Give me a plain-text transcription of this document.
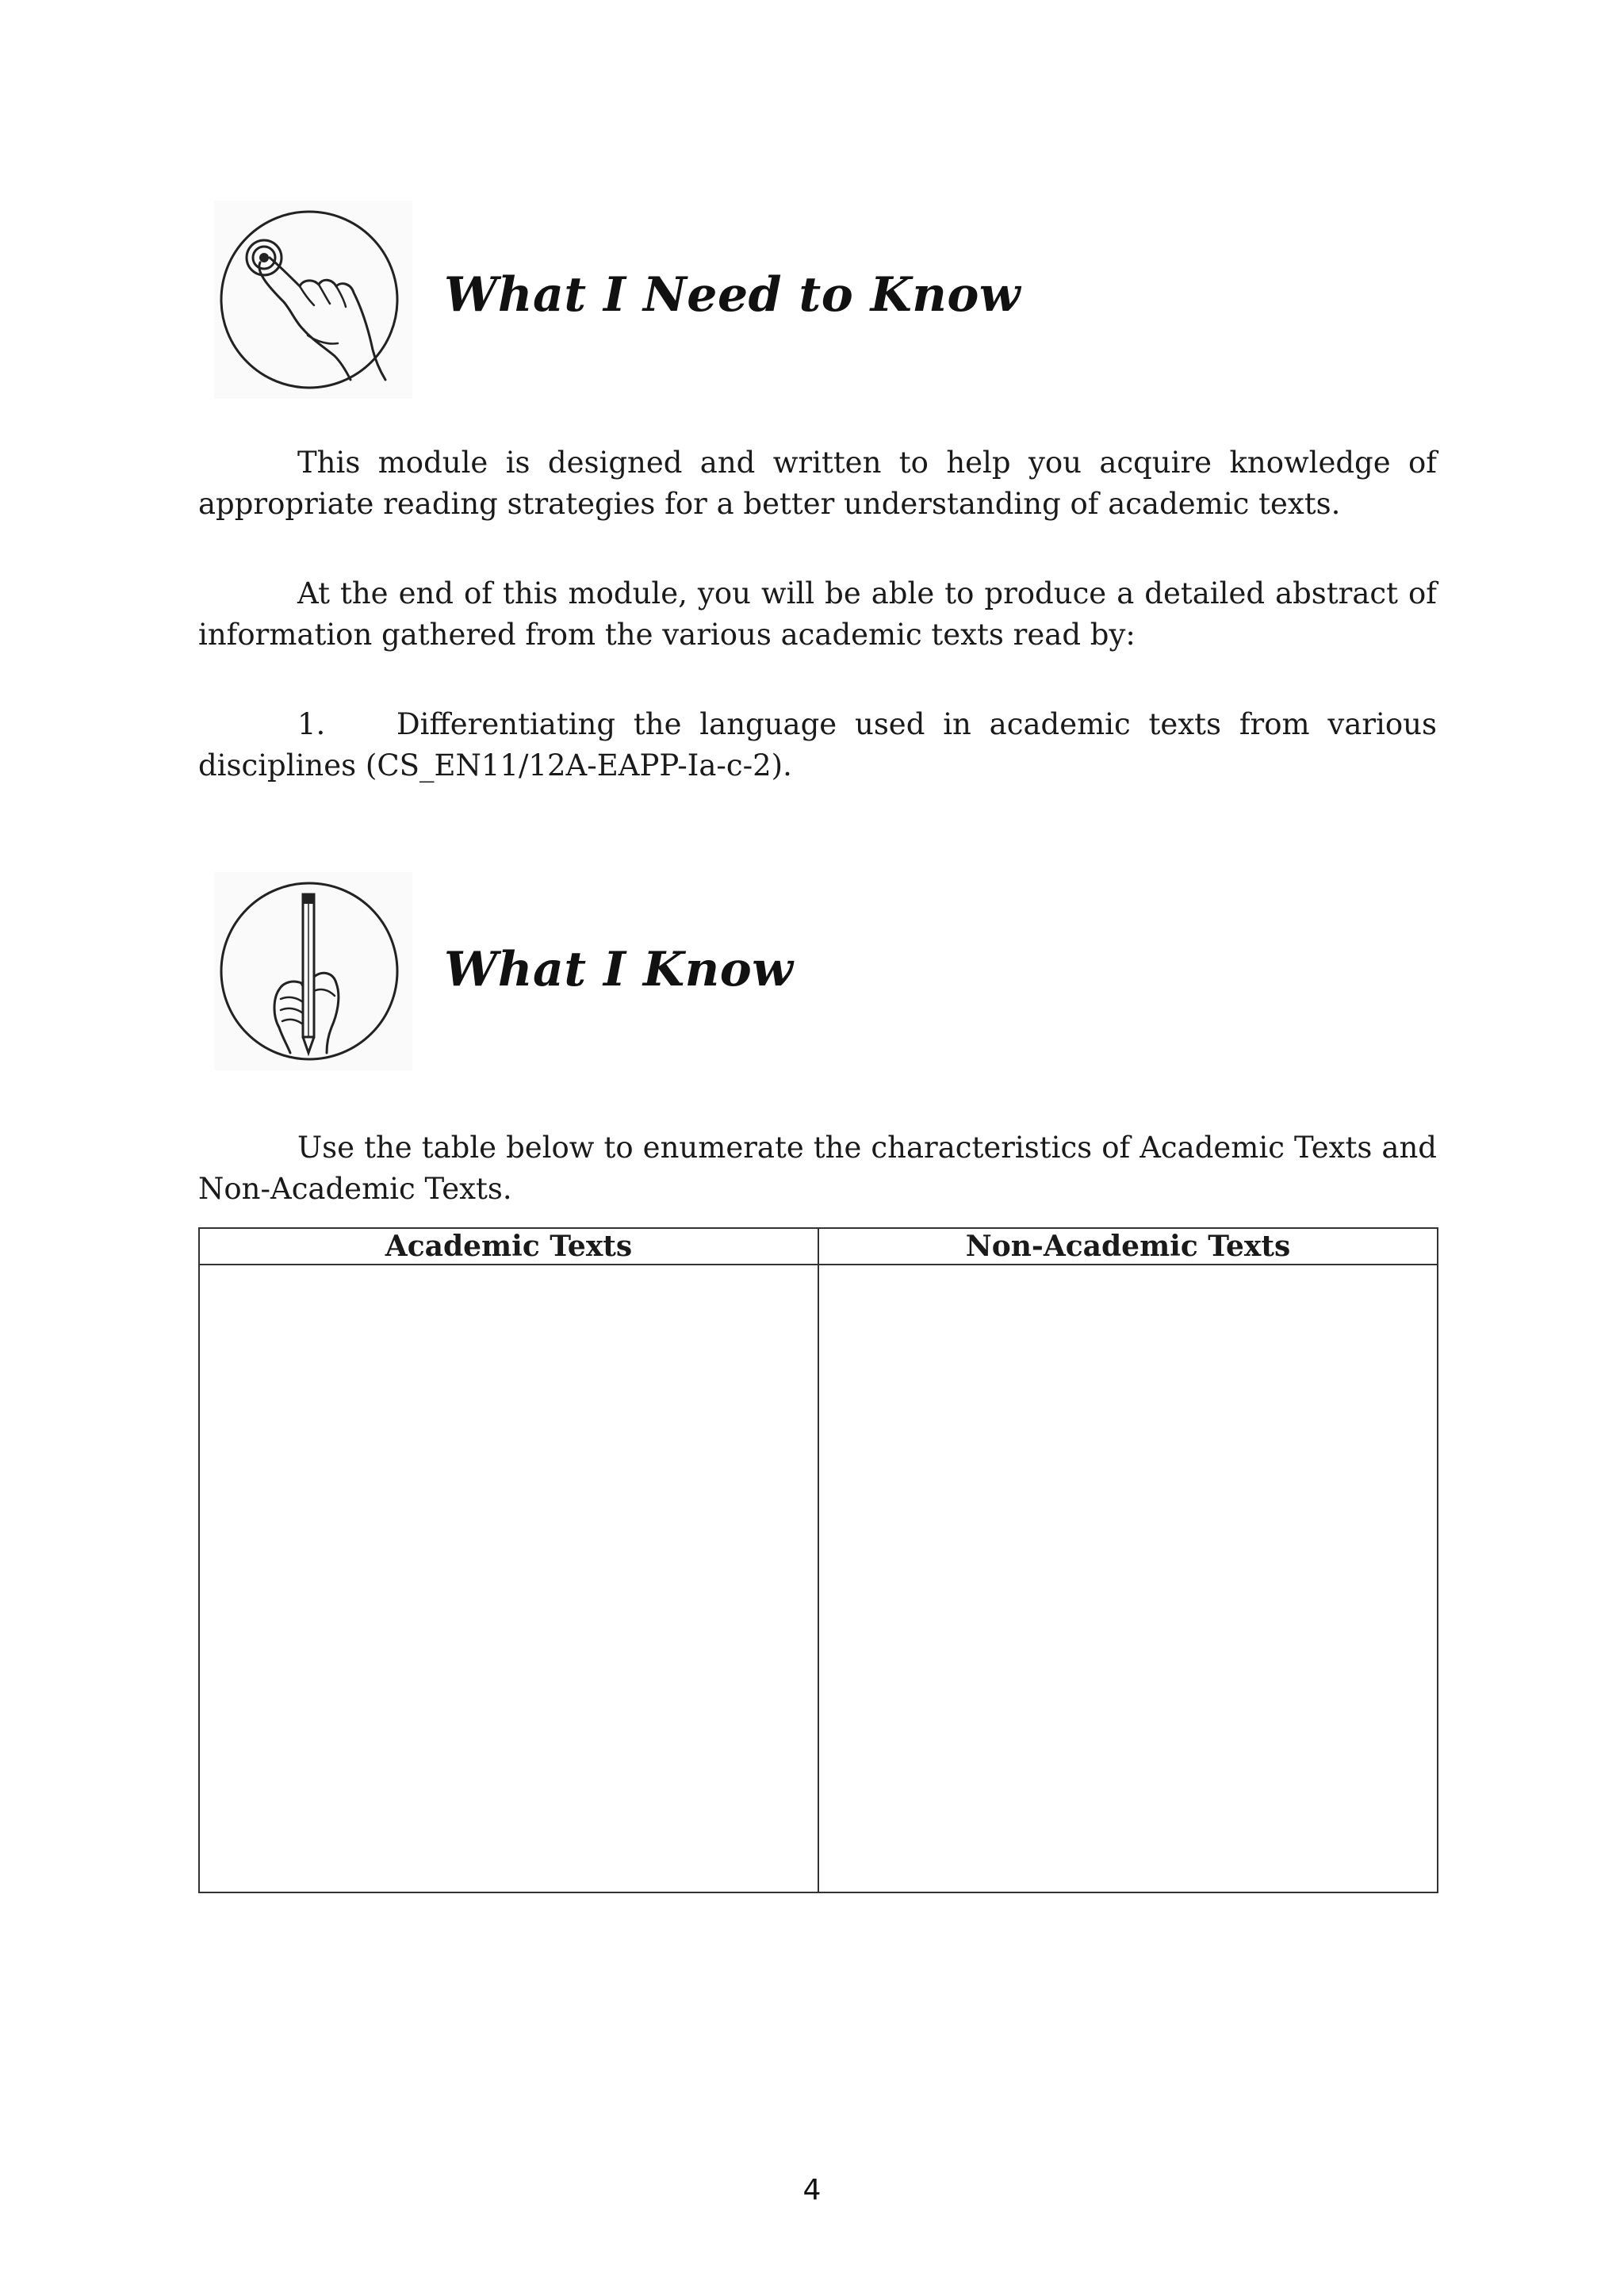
What I Need to Know
This module is designed and written to help you acquire knowledge of appropriate reading strategies for a better understanding of academic texts.
At the end of this module, you will be able to produce a detailed abstract of information gathered from the various academic texts read by:
1. Differentiating the language used in academic texts from various disciplines (CS_EN11/12A-EAPP-Ia-c-2).
What I Know
Use the table below to enumerate the characteristics of Academic Texts and Non-Academic Texts.
Academic Texts	Non-Academic Texts

4
